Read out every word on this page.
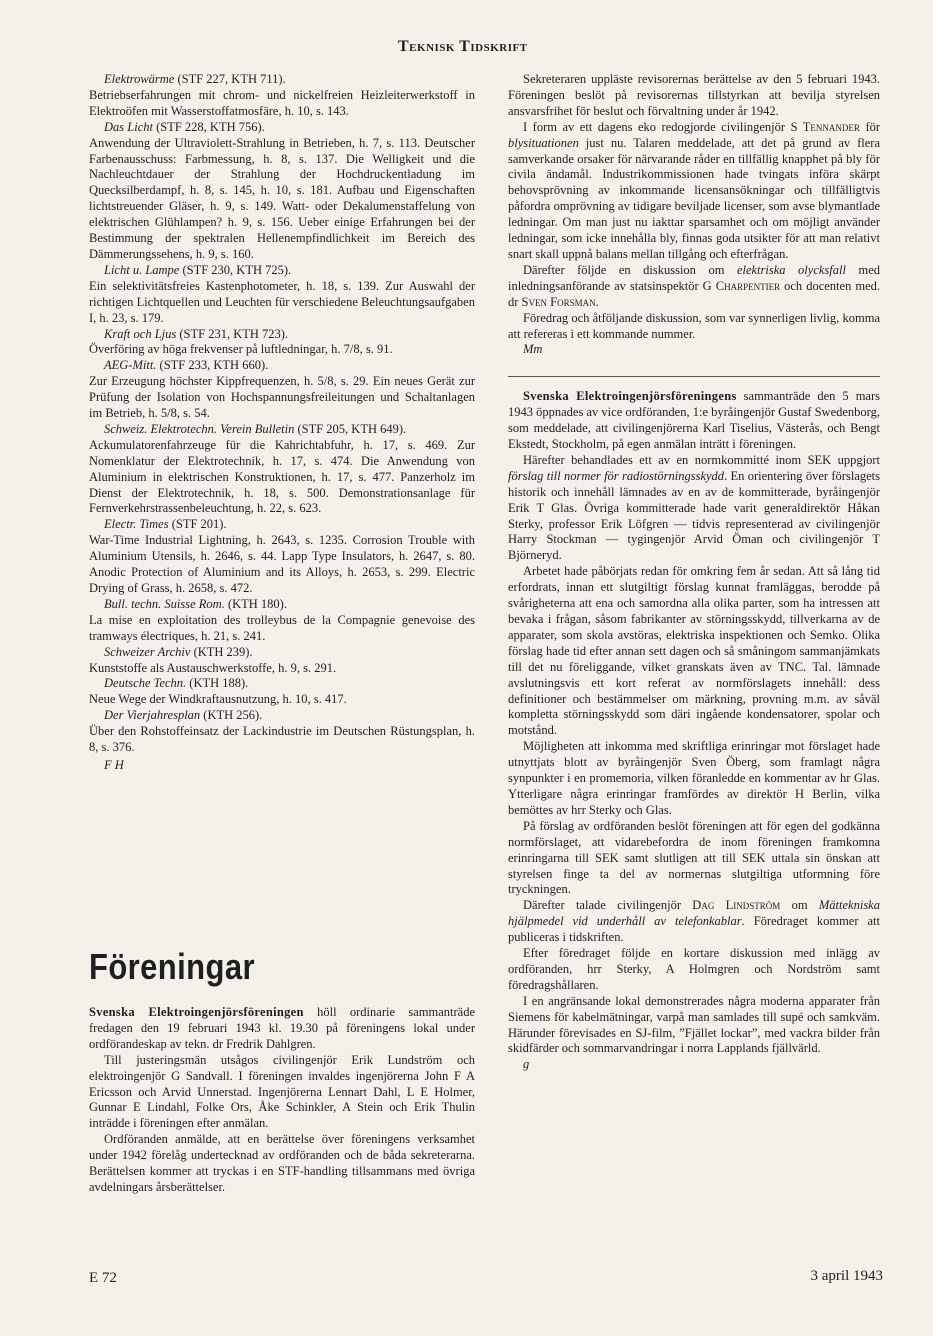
Teknisk Tidskrift

Elektrowärme (STF 227, KTH 711).

Betriebserfahrungen mit chrom- und nickelfreien Heizleiterwerkstoff in Elektroöfen mit Wasserstoffatmosfäre, h. 10, s. 143.

Das Licht (STF 228, KTH 756).

Anwendung der Ultraviolett-Strahlung in Betrieben, h. 7, s. 113. Deutscher Farbenausschuss: Farbmessung, h. 8, s. 137. Die Welligkeit und die Nachleuchtdauer der Strahlung der Hochdruckentladung im Quecksilberdampf, h. 8, s. 145, h. 10, s. 181. Aufbau und Eigenschaften lichtstreuender Gläser, h. 9, s. 149. Watt- oder Dekalumenstaffelung von elektrischen Glühlampen? h. 9, s. 156. Ueber einige Erfahrungen bei der Bestimmung der spektralen Hellenempfindlichkeit im Bereich des Dämmerungssehens, h. 9, s. 160.

Licht u. Lampe (STF 230, KTH 725).

Ein selektivitätsfreies Kastenphotometer, h. 18, s. 139. Zur Auswahl der richtigen Lichtquellen und Leuchten für verschiedene Beleuchtungsaufgaben I, h. 23, s. 179.

Kraft och Ljus (STF 231, KTH 723).

Överföring av höga frekvenser på luftledningar, h. 7/8, s. 91.

AEG-Mitt. (STF 233, KTH 660).

Zur Erzeugung höchster Kippfrequenzen, h. 5/8, s. 29. Ein neues Gerät zur Prüfung der Isolation von Hochspannungsfreileitungen und Schaltanlagen im Betrieb, h. 5/8, s. 54.

Schweiz. Elektrotechn. Verein Bulletin (STF 205, KTH 649).

Ackumulatorenfahrzeuge für die Kahrichtabfuhr, h. 17, s. 469. Zur Nomenklatur der Elektrotechnik, h. 17, s. 474. Die Anwendung von Aluminium in elektrischen Konstruktionen, h. 17, s. 477. Panzerholz im Dienst der Elektrotechnik, h. 18, s. 500. Demonstrationsanlage für Fernverkehrstrassenbeleuchtung, h. 22, s. 623.

Electr. Times (STF 201).

War-Time Industrial Lightning, h. 2643, s. 1235. Corrosion Trouble with Aluminium Utensils, h. 2646, s. 44. Lapp Type Insulators, h. 2647, s. 80. Anodic Protection of Aluminium and its Alloys, h. 2653, s. 299. Electric Drying of Grass, h. 2658, s. 472.

Bull. techn. Suisse Rom. (KTH 180).

La mise en exploitation des trolleybus de la Compagnie genevoise des tramways électriques, h. 21, s. 241.

Schweizer Archiv (KTH 239).

Kunststoffe als Austauschwerkstoffe, h. 9, s. 291.

Deutsche Techn. (KTH 188).

Neue Wege der Windkraftausnutzung, h. 10, s. 417.

Der Vierjahresplan (KTH 256).

Über den Rohstoffeinsatz der Lackindustrie im Deutschen Rüstungsplan, h. 8, s. 376.

F H

Föreningar

Svenska Elektroingenjörsföreningen höll ordinarie sammanträde fredagen den 19 februari 1943 kl. 19.30 på föreningens lokal under ordförandeskap av tekn. dr Fredrik Dahlgren.

Till justeringsmän utsågos civilingenjör Erik Lundström och elektroingenjör G Sandvall. I föreningen invaldes ingenjörerna John F A Ericsson och Arvid Unnerstad. Ingenjörerna Lennart Dahl, L E Holmer, Gunnar E Lindahl, Folke Ors, Åke Schinkler, A Stein och Erik Thulin inträdde i föreningen efter anmälan.

Ordföranden anmälde, att en berättelse över föreningens verksamhet under 1942 förelåg undertecknad av ordföranden och de båda sekreterarna. Berättelsen kommer att tryckas i en STF-handling tillsammans med övriga avdelningars årsberättelser.

Sekreteraren uppläste revisorernas berättelse av den 5 februari 1943. Föreningen beslöt på revisorernas tillstyrkan att bevilja styrelsen ansvarsfrihet för beslut och förvaltning under år 1942.

I form av ett dagens eko redogjorde civilingenjör S Tennander för blysituationen just nu. Talaren meddelade, att det på grund av flera samverkande orsaker för närvarande råder en tillfällig knapphet på bly för civila ändamål. Industrikommissionen hade tvingats införa skärpt behovsprövning av inkommande licensansökningar och tillfälligtvis påfordra omprövning av tidigare beviljade licenser, som avse blymantlade ledningar. Om man just nu iakttar sparsamhet och om möjligt använder ledningar, som icke innehålla bly, finnas goda utsikter för att man relativt snart skall uppnå balans mellan tillgång och efterfrågan.

Därefter följde en diskussion om elektriska olycksfall med inledningsanförande av statsinspektör G Charpentier och docenten med. dr Sven Forsman.

Föredrag och åtföljande diskussion, som var synnerligen livlig, komma att refereras i ett kommande nummer.

Mm

Svenska Elektroingenjörsföreningens sammanträde den 5 mars 1943 öppnades av vice ordföranden, 1:e byråingenjör Gustaf Swedenborg, som meddelade, att civilingenjörerna Karl Tiselius, Västerås, och Bengt Ekstedt, Stockholm, på egen anmälan inträtt i föreningen.

Härefter behandlades ett av en normkommitté inom SEK uppgjort förslag till normer för radiostörningsskydd. En orientering över förslagets historik och innehåll lämnades av en av de kommitterade, byråingenjör Erik T Glas. Övriga kommitterade hade varit generaldirektör Håkan Sterky, professor Erik Löfgren — tidvis representerad av civilingenjör Harry Stockman — tygingenjör Arvid Öman och civilingenjör T Björneryd.

Arbetet hade påbörjats redan för omkring fem år sedan. Att så lång tid erfordrats, innan ett slutgiltigt förslag kunnat framläggas, berodde på svårigheterna att ena och samordna alla olika parter, som ha intressen att bevaka i frågan, såsom fabrikanter av störningsskydd, tillverkarna av de apparater, som skola avstöras, elektriska inspektionen och Semko. Olika förslag hade tid efter annan sett dagen och så småningom sammanjämkats till det nu föreliggande, vilket granskats även av TNC. Tal. lämnade avslutningsvis ett kort referat av normförslagets innehåll: dess definitioner och bestämmelser om märkning, provning m.m. av såväl kompletta störningsskydd som däri ingående kondensatorer, spolar och motstånd.

Möjligheten att inkomma med skriftliga erinringar mot förslaget hade utnyttjats blott av byråingenjör Sven Öberg, som framlagt några synpunkter i en promemoria, vilken föranledde en kommentar av hr Glas. Ytterligare några erinringar framfördes av direktör H Berlin, vilka bemöttes av hrr Sterky och Glas.

På förslag av ordföranden beslöt föreningen att för egen del godkänna normförslaget, att vidarebefordra de inom föreningen framkomna erinringarna till SEK samt slutligen att till SEK uttala sin önskan att styrelsen finge ta del av normernas slutgiltiga utformning före tryckningen.

Därefter talade civilingenjör Dag Lindström om Mättekniska hjälpmedel vid underhåll av telefonkablar. Föredraget kommer att publiceras i tidskriften.

Efter föredraget följde en kortare diskussion med inlägg av ordföranden, hrr Sterky, A Holmgren och Nordström samt föredragshållaren.

I en angränsande lokal demonstrerades några moderna apparater från Siemens för kabelmätningar, varpå man samlades till supé och samkväm. Härunder förevisades en SJ-film, ”Fjället lockar”, med vackra bilder från skidfärder och sommarvandringar i norra Lapplands fjällvärld.

g

E 72	3 april 1943
